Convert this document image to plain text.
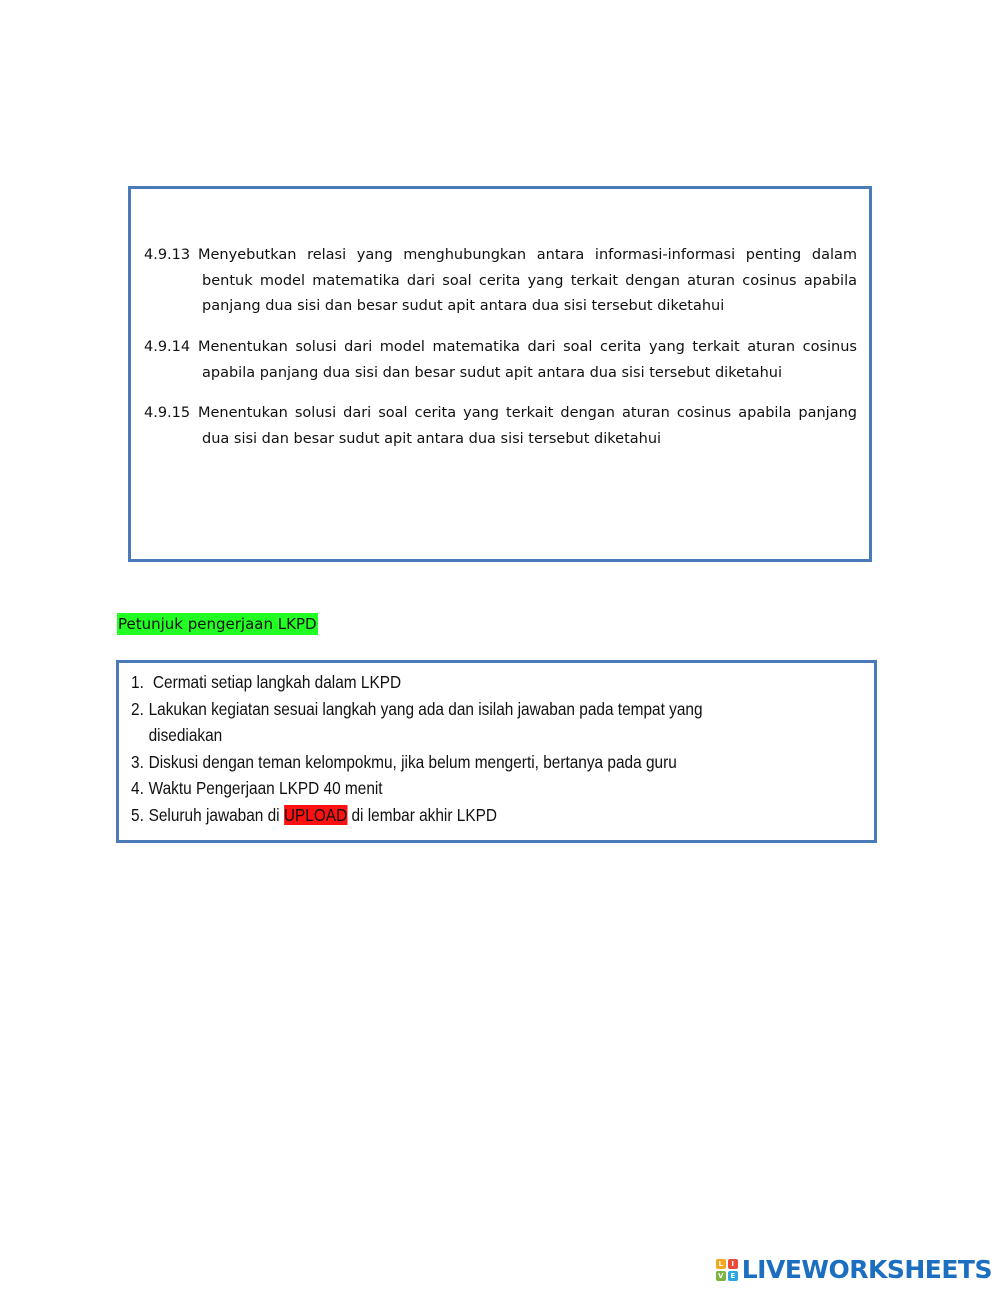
4.9.13 Menyebutkan relasi yang menghubungkan antara informasi-informasi penting dalam bentuk model matematika dari soal cerita yang terkait dengan aturan cosinus apabila panjang dua sisi dan besar sudut apit antara dua sisi tersebut diketahui
4.9.14 Menentukan solusi dari model matematika dari soal cerita yang terkait aturan cosinus apabila panjang dua sisi dan besar sudut apit antara dua sisi tersebut diketahui
4.9.15 Menentukan solusi dari soal cerita yang terkait dengan aturan cosinus apabila panjang dua sisi dan besar sudut apit antara dua sisi tersebut diketahui
Petunjuk pengerjaan LKPD
1. Cermati setiap langkah dalam LKPD
2. Lakukan kegiatan sesuai langkah yang ada dan isilah jawaban pada tempat yang disediakan
3. Diskusi dengan teman kelompokmu, jika belum mengerti, bertanya pada guru
4. Waktu Pengerjaan LKPD 40 menit
5. Seluruh jawaban di UPLOAD di lembar akhir LKPD
L	I
V E LIVEWORKSHEETS
